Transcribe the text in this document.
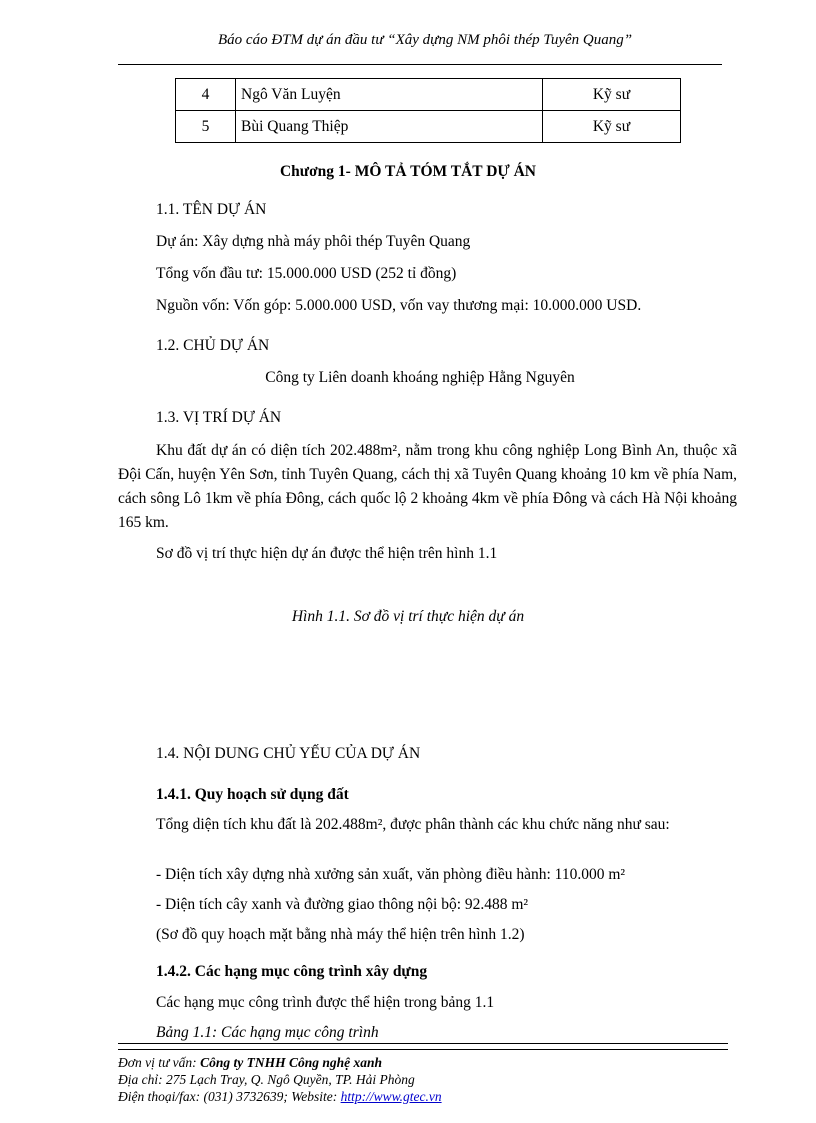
Báo cáo ĐTM dự án đầu tư “Xây dựng NM phôi thép Tuyên Quang”
4	Ngô Văn Luyện	Kỹ sư
5	Bùi Quang Thiệp	Kỹ sư
Chương 1- MÔ TẢ TÓM TẮT DỰ ÁN
1.1. TÊN DỰ ÁN
Dự án: Xây dựng nhà máy phôi thép Tuyên Quang
Tổng vốn đầu tư: 15.000.000 USD (252 tỉ đồng)
Nguồn vốn: Vốn góp: 5.000.000 USD, vốn vay thương mại: 10.000.000 USD.
1.2. CHỦ DỰ ÁN
Công ty Liên doanh khoáng nghiệp Hằng Nguyên
1.3. VỊ TRÍ DỰ ÁN
Khu đất dự án có diện tích 202.488m², nằm trong khu công nghiệp Long Bình An, thuộc xã Đội Cấn, huyện Yên Sơn, tỉnh Tuyên Quang, cách thị xã Tuyên Quang khoảng 10 km về phía Nam, cách sông Lô 1km về phía Đông, cách quốc lộ 2 khoảng 4km về phía Đông và cách Hà Nội khoảng 165 km.
Sơ đồ vị trí thực hiện dự án được thể hiện trên hình 1.1
Hình 1.1. Sơ đồ vị trí thực hiện dự án
1.4. NỘI DUNG CHỦ YẾU CỦA DỰ ÁN
1.4.1. Quy hoạch sử dụng đất
Tổng diện tích khu đất là 202.488m², được phân thành các khu chức năng như sau:
- Diện tích xây dựng nhà xưởng sản xuất, văn phòng điều hành: 110.000 m²
- Diện tích cây xanh và đường giao thông nội bộ: 92.488 m²
(Sơ đồ quy hoạch mặt bằng nhà máy thể hiện trên hình 1.2)
1.4.2. Các hạng mục công trình xây dựng
Các hạng mục công trình được thể hiện trong bảng 1.1
Bảng 1.1: Các hạng mục công trình
Đơn vị tư vấn: Công ty TNHH Công nghệ xanh
Địa chỉ: 275 Lạch Tray, Q. Ngô Quyền, TP. Hải Phòng
Điện thoại/fax: (031) 3732639; Website: http://www.gtec.vn
